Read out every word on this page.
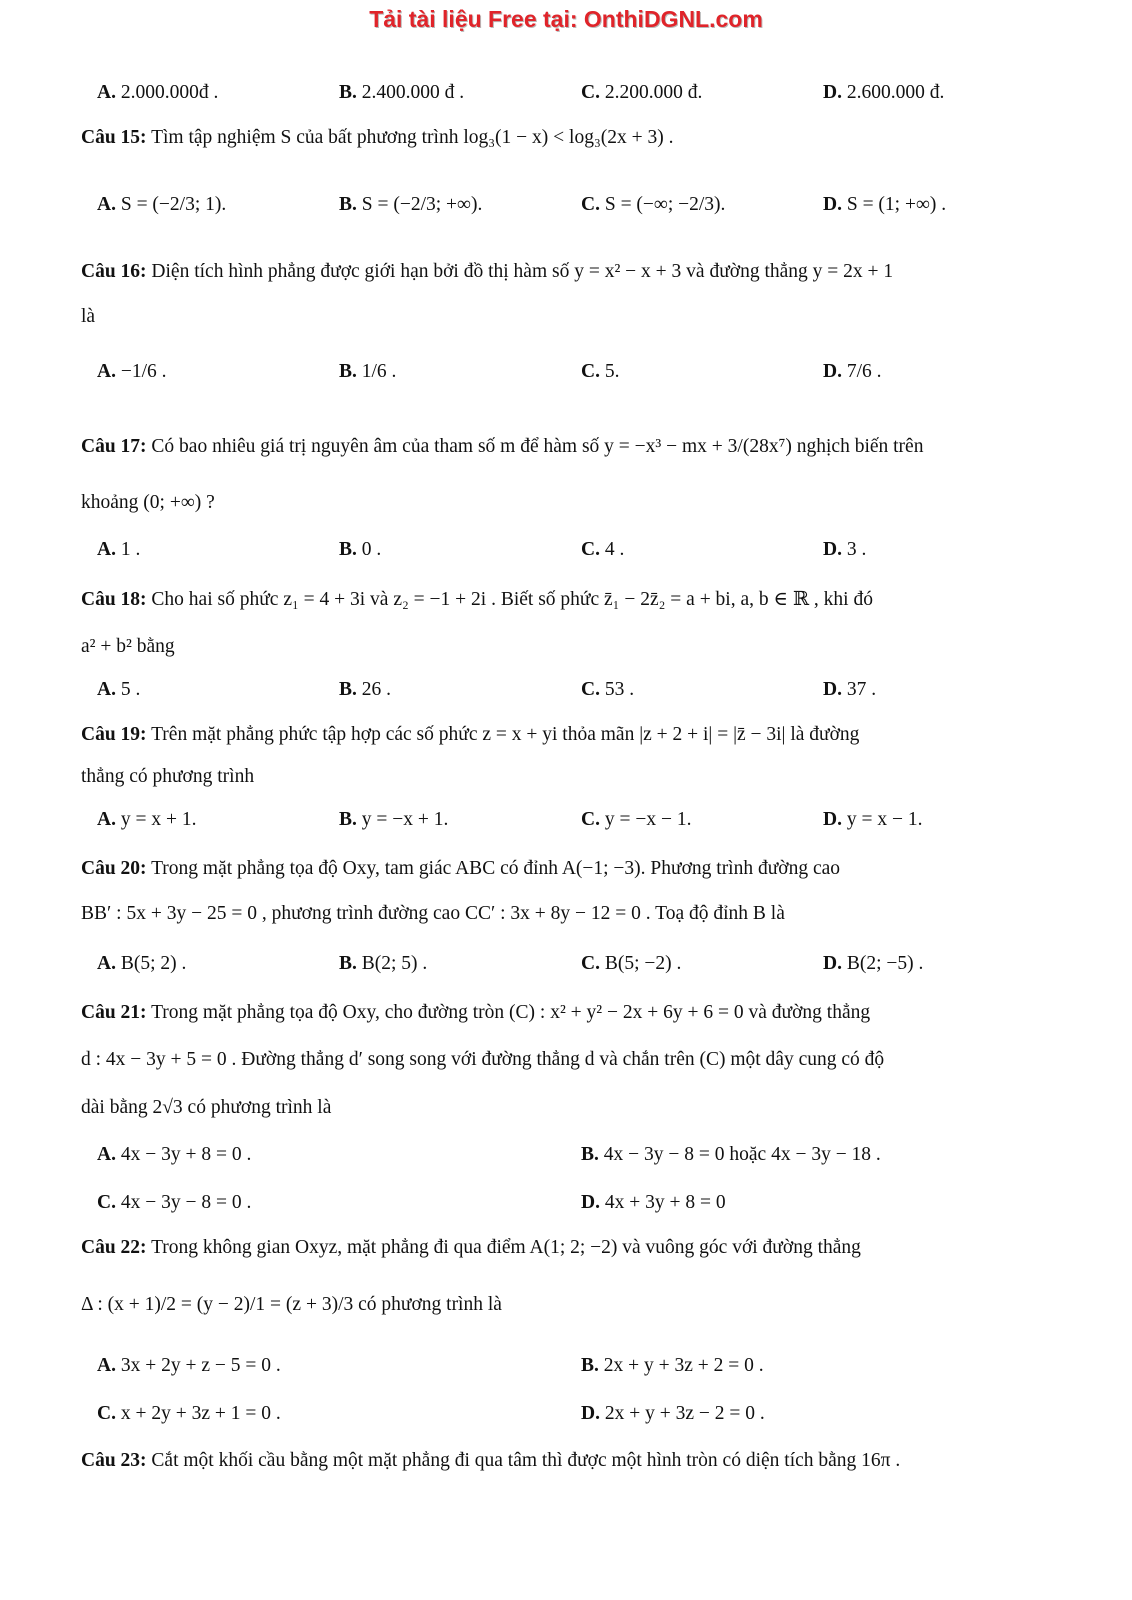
Tải tài liệu Free tại: OnthiDGNL.com
A. 2.000.000đ .	B. 2.400.000 đ .	C. 2.200.000 đ.	D. 2.600.000 đ.
Câu 15: Tìm tập nghiệm S của bất phương trình log₃(1 − x) < log₃(2x + 3) .
A. S = (−2/3; 1).	B. S = (−2/3; +∞).	C. S = (−∞; −2/3).	D. S = (1; +∞) .
Câu 16: Diện tích hình phẳng được giới hạn bởi đồ thị hàm số y = x² − x + 3 và đường thẳng y = 2x + 1
là
A. −1/6 .	B. 1/6 .	C. 5.	D. 7/6 .
Câu 17: Có bao nhiêu giá trị nguyên âm của tham số m để hàm số y = −x³ − mx + 3/(28x⁷) nghịch biến trên
khoảng (0; +∞) ?
A. 1 .	B. 0 .	C. 4 .	D. 3 .
Câu 18: Cho hai số phức z₁ = 4 + 3i và z₂ = −1 + 2i . Biết số phức z̄₁ − 2z̄₂ = a + bi, a, b ∈ ℝ , khi đó
a² + b² bằng
A. 5 .	B. 26 .	C. 53 .	D. 37 .
Câu 19: Trên mặt phẳng phức tập hợp các số phức z = x + yi thỏa mãn |z + 2 + i| = |z̄ − 3i| là đường
thẳng có phương trình
A. y = x + 1.	B. y = −x + 1.	C. y = −x − 1.	D. y = x − 1.
Câu 20: Trong mặt phẳng tọa độ Oxy, tam giác ABC có đỉnh A(−1; −3). Phương trình đường cao
BB′ : 5x + 3y − 25 = 0 , phương trình đường cao CC′ : 3x + 8y − 12 = 0 . Toạ độ đỉnh B là
A. B(5; 2) .	B. B(2; 5) .	C. B(5; −2) .	D. B(2; −5) .
Câu 21: Trong mặt phẳng tọa độ Oxy, cho đường tròn (C) : x² + y² − 2x + 6y + 6 = 0 và đường thẳng
d : 4x − 3y + 5 = 0 . Đường thẳng d′ song song với đường thẳng d và chắn trên (C) một dây cung có độ
dài bằng 2√3 có phương trình là
A. 4x − 3y + 8 = 0 .	B. 4x − 3y − 8 = 0 hoặc 4x − 3y − 18 .
C. 4x − 3y − 8 = 0 .	D. 4x + 3y + 8 = 0
Câu 22: Trong không gian Oxyz, mặt phẳng đi qua điểm A(1; 2; −2) và vuông góc với đường thẳng
Δ : (x + 1)/2 = (y − 2)/1 = (z + 3)/3 có phương trình là
A. 3x + 2y + z − 5 = 0 .	B. 2x + y + 3z + 2 = 0 .
C. x + 2y + 3z + 1 = 0 .	D. 2x + y + 3z − 2 = 0 .
Câu 23: Cắt một khối cầu bằng một mặt phẳng đi qua tâm thì được một hình tròn có diện tích bằng 16π .
